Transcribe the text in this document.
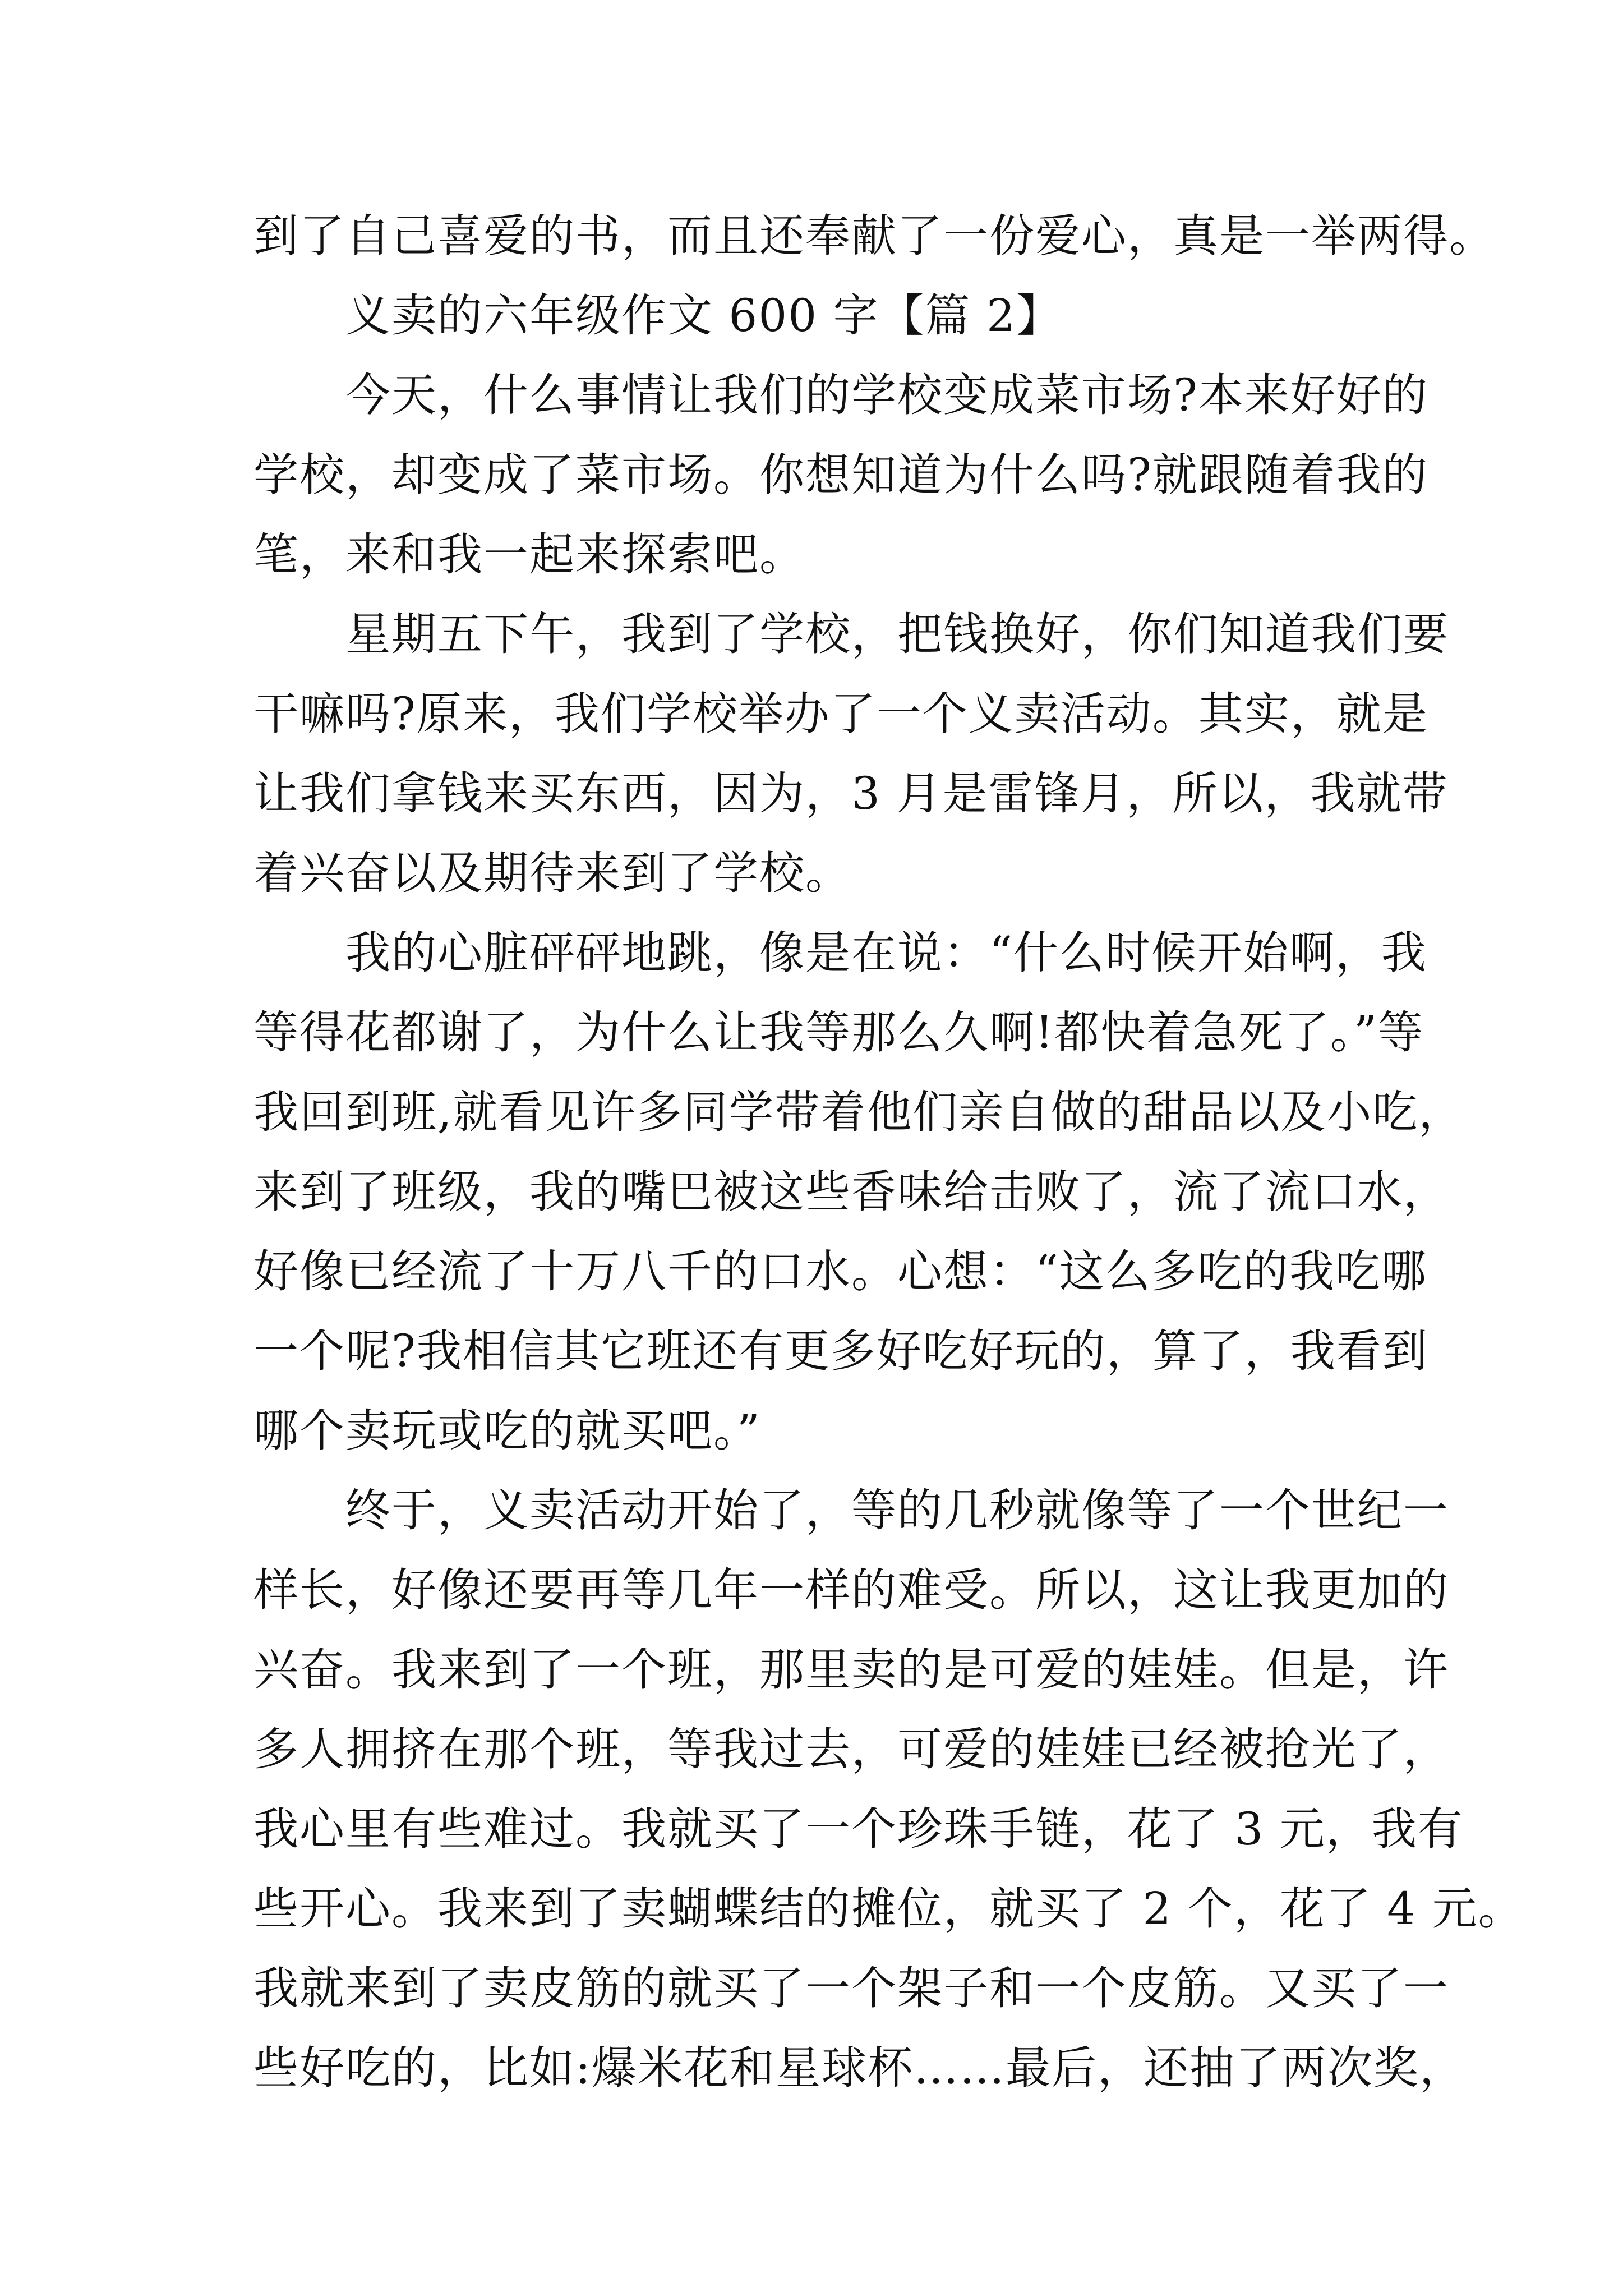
到了自己喜爱的书，而且还奉献了一份爱心，真是一举两得。
　　义卖的六年级作文 600 字【篇 2】
　　今天，什么事情让我们的学校变成菜市场?本来好好的
学校，却变成了菜市场。你想知道为什么吗?就跟随着我的
笔，来和我一起来探索吧。
　　星期五下午，我到了学校，把钱换好，你们知道我们要
干嘛吗?原来，我们学校举办了一个义卖活动。其实，就是
让我们拿钱来买东西，因为，3 月是雷锋月，所以，我就带
着兴奋以及期待来到了学校。
　　我的心脏砰砰地跳，像是在说：“什么时候开始啊，我
等得花都谢了，为什么让我等那么久啊!都快着急死了。”等
我回到班,就看见许多同学带着他们亲自做的甜品以及小吃，
来到了班级，我的嘴巴被这些香味给击败了，流了流口水，
好像已经流了十万八千的口水。心想：“这么多吃的我吃哪
一个呢?我相信其它班还有更多好吃好玩的，算了，我看到
哪个卖玩或吃的就买吧。”
　　终于，义卖活动开始了，等的几秒就像等了一个世纪一
样长，好像还要再等几年一样的难受。所以，这让我更加的
兴奋。我来到了一个班，那里卖的是可爱的娃娃。但是，许
多人拥挤在那个班，等我过去，可爱的娃娃已经被抢光了，
我心里有些难过。我就买了一个珍珠手链，花了 3 元，我有
些开心。我来到了卖蝴蝶结的摊位，就买了 2 个，花了 4 元。
我就来到了卖皮筋的就买了一个架子和一个皮筋。又买了一
些好吃的，比如:爆米花和星球杯……最后，还抽了两次奖，
